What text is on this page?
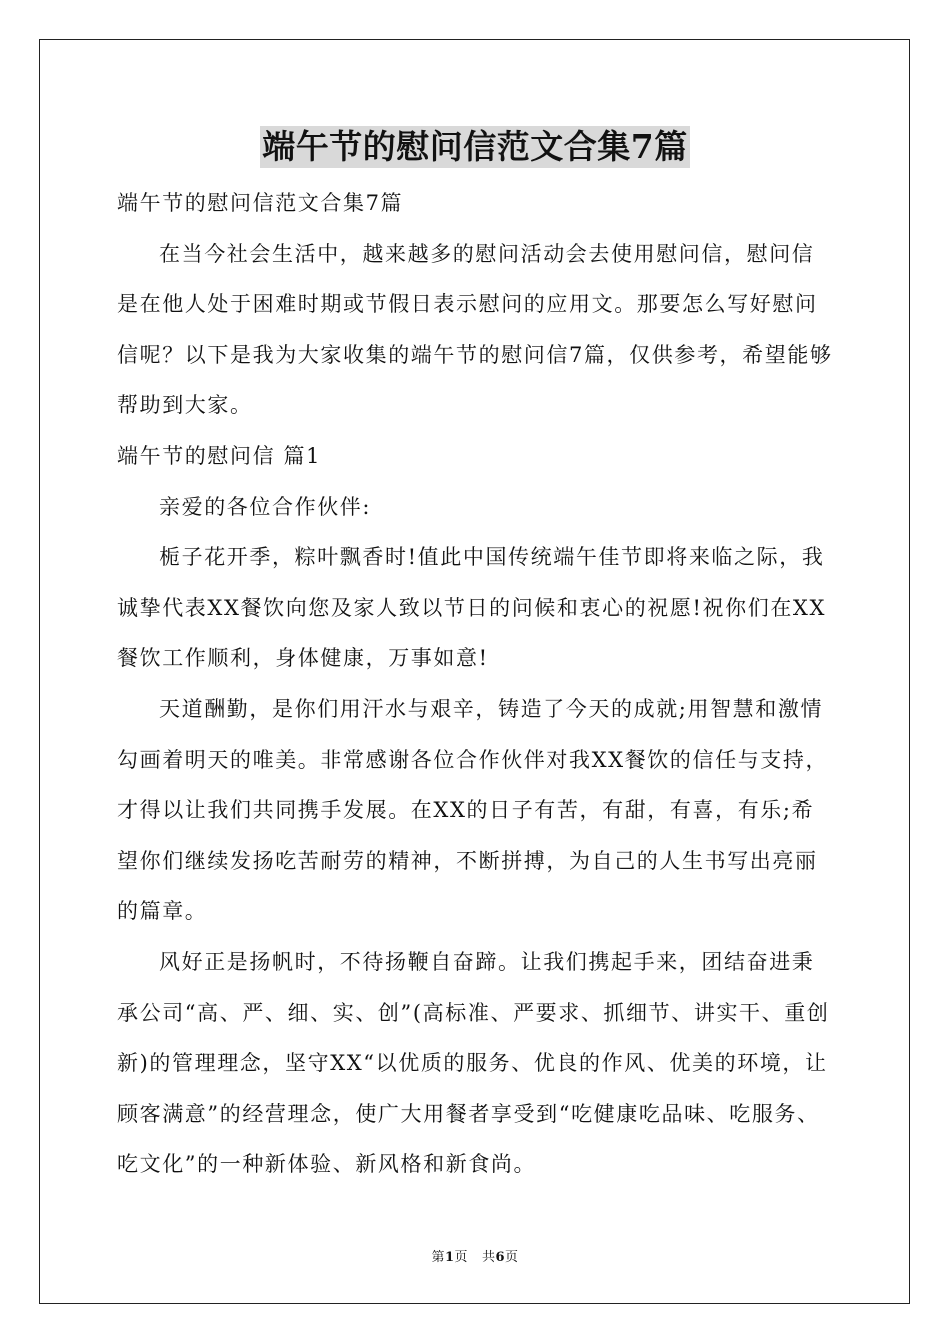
端午节的慰问信范文合集7篇

端午节的慰问信范文合集7篇

在当今社会生活中，越来越多的慰问活动会去使用慰问信，慰问信是在他人处于困难时期或节假日表示慰问的应用文。那要怎么写好慰问信呢？以下是我为大家收集的端午节的慰问信7篇，仅供参考，希望能够帮助到大家。

端午节的慰问信 篇1

亲爱的各位合作伙伴:

栀子花开季，粽叶飘香时!值此中国传统端午佳节即将来临之际，我诚挚代表XX餐饮向您及家人致以节日的问候和衷心的祝愿!祝你们在XX餐饮工作顺利，身体健康，万事如意!

天道酬勤，是你们用汗水与艰辛，铸造了今天的成就;用智慧和激情勾画着明天的唯美。非常感谢各位合作伙伴对我XX餐饮的信任与支持，才得以让我们共同携手发展。在XX的日子有苦，有甜，有喜，有乐;希望你们继续发扬吃苦耐劳的精神，不断拼搏，为自己的人生书写出亮丽的篇章。

风好正是扬帆时，不待扬鞭自奋蹄。让我们携起手来，团结奋进秉承公司“高、严、细、实、创”(高标准、严要求、抓细节、讲实干、重创新)的管理理念，坚守XX“以优质的服务、优良的作风、优美的环境，让顾客满意”的经营理念，使广大用餐者享受到“吃健康吃品味、吃服务、吃文化”的一种新体验、新风格和新食尚。

第1页 共6页
